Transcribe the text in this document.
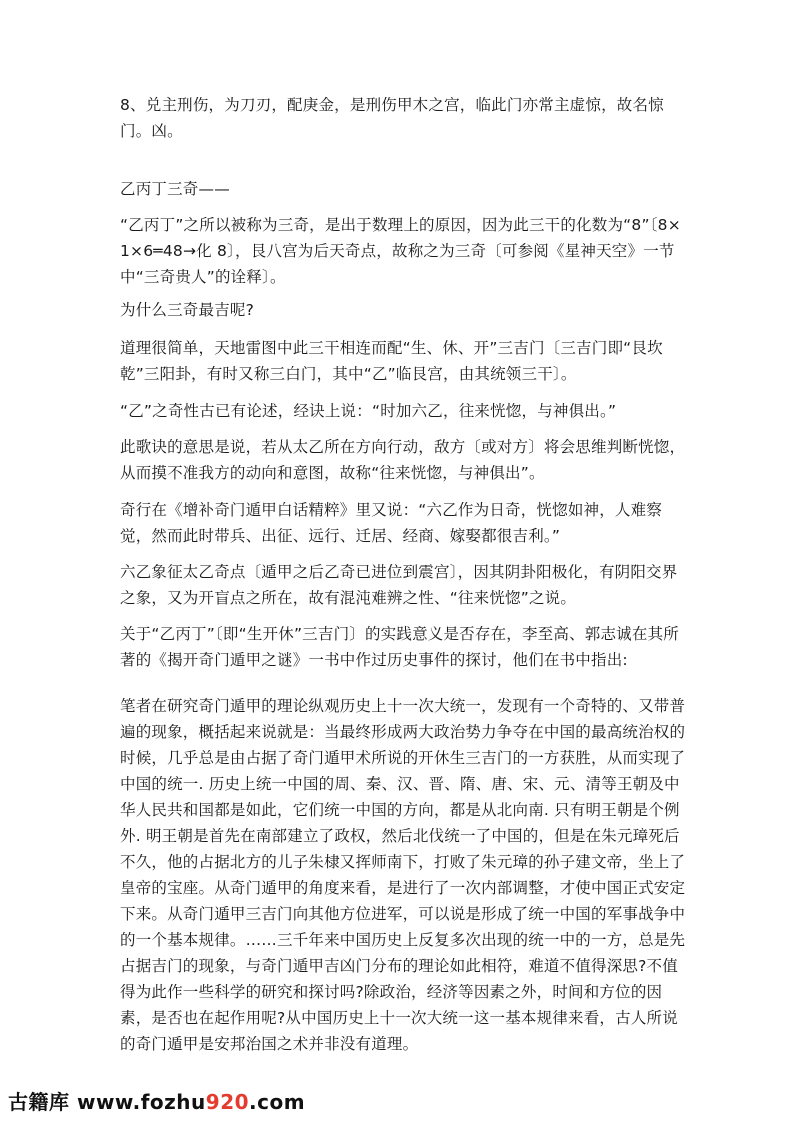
8、兑主刑伤，为刀刃，配庚金，是刑伤甲木之宫，临此门亦常主虚惊，故名惊门。凶。

乙丙丁三奇——

“乙丙丁”之所以被称为三奇，是出于数理上的原因，因为此三干的化数为“8”〔8×1×6═48→化 8〕，艮八宫为后天奇点，故称之为三奇〔可参阅《星神天空》一节中“三奇贵人”的诠释〕。

为什么三奇最吉呢?

道理很简单，天地雷图中此三干相连而配“生、休、开”三吉门〔三吉门即“艮坎乾”三阳卦，有时又称三白门，其中“乙”临艮宫，由其统领三干〕。

“乙”之奇性古已有论述，经诀上说：“时加六乙，往来恍惚，与神俱出。”

此歌诀的意思是说，若从太乙所在方向行动，敌方〔或对方〕将会思维判断恍惚，从而摸不准我方的动向和意图，故称“往来恍惚，与神俱出”。

奇行在《增补奇门遁甲白话精粹》里又说：“六乙作为日奇，恍惚如神，人难察觉，然而此时带兵、出征、远行、迁居、经商、嫁娶都很吉利。”

六乙象征太乙奇点〔遁甲之后乙奇已进位到震宫〕，因其阴卦阳极化，有阴阳交界之象，又为开盲点之所在，故有混沌难辨之性、“往来恍惚”之说。

关于“乙丙丁”〔即“生开休”三吉门〕的实践意义是否存在，李至高、郭志诚在其所著的《揭开奇门遁甲之谜》一书中作过历史事件的探讨，他们在书中指出:

笔者在研究奇门遁甲的理论纵观历史上十一次大统一，发现有一个奇特的、又带普遍的现象，概括起来说就是：当最终形成两大政治势力争夺在中国的最高统治权的时候，几乎总是由占据了奇门遁甲术所说的开休生三吉门的一方获胜，从而实现了中国的统一. 历史上统一中国的周、秦、汉、晋、隋、唐、宋、元、清等王朝及中华人民共和国都是如此，它们统一中国的方向，都是从北向南. 只有明王朝是个例外. 明王朝是首先在南部建立了政权，然后北伐统一了中国的，但是在朱元璋死后不久，他的占据北方的儿子朱棣又挥师南下，打败了朱元璋的孙子建文帝，坐上了皇帝的宝座。从奇门遁甲的角度来看，是进行了一次内部调整，才使中国正式安定下来。从奇门遁甲三吉门向其他方位进军，可以说是形成了统一中国的军事战争中的一个基本规律。……三千年来中国历史上反复多次出现的统一中的一方，总是先占据吉门的现象，与奇门遁甲吉凶门分布的理论如此相符，难道不值得深思?不值得为此作一些科学的研究和探讨吗?除政治，经济等因素之外，时间和方位的因素，是否也在起作用呢?从中国历史上十一次大统一这一基本规律来看，古人所说的奇门遁甲是安邦治国之术并非没有道理。

古籍库 www.fozhu920.com
